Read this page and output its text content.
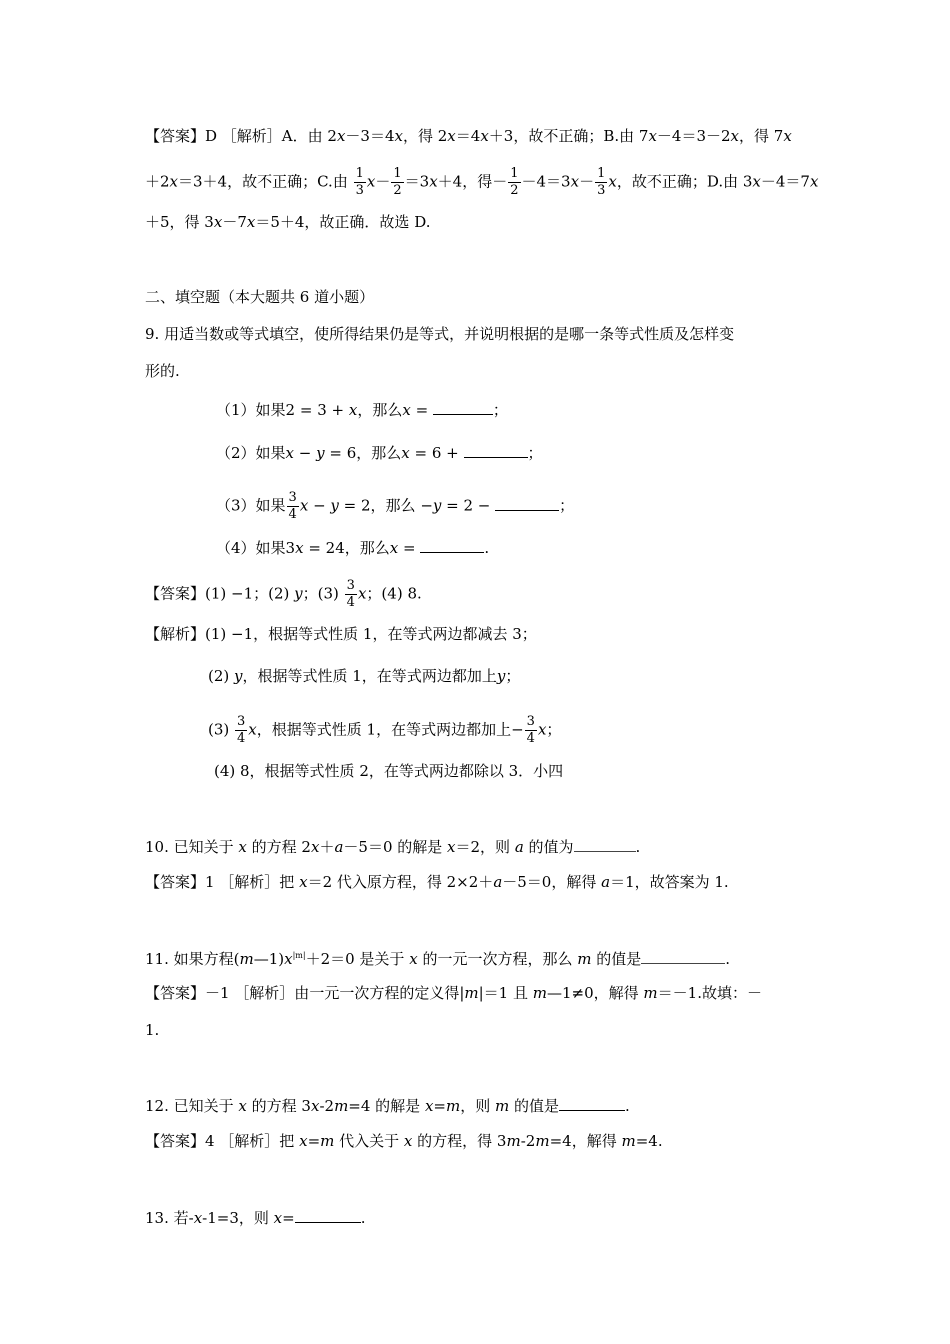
【答案】D ［解析］A．由 2x－3＝4x，得 2x＝4x＋3，故不正确；B.由 7x－4＝3－2x，得 7x
＋2x＝3＋4，故不正确；C.由 $\frac{1}{3} x- \frac{1}{2} =3x+4$，得－ $\frac{1}{2} -4=3x- \frac{1}{3}$ x，故不正确；D.由 3x－4＝7x
＋5，得 3x－7x＝5＋4，故正确．故选 D.
二、填空题（本大题共 6 道小题）
9. 用适当数或等式填空，使所得结果仍是等式，并说明根据的是哪一条等式性质及怎样变
形的.
（1）如果2 = 3 + x，那么x =	；
（2）如果x − y = 6，那么x = 6 +	；
（3）如果 $\frac{3}{4}$ x − y = 2，那么 −y = 2 −	；
（4）如果3x = 24，那么x =	.
【答案】(1) −1；(2) y；$(3) \frac{3}{4}$ x；(4) 8.
【解析】(1) −1，根据等式性质 1，在等式两边都减去 3；
(2) y，根据等式性质 1，在等式两边都加上y；
$(3) \frac{3}{4}$ x，根据等式性质 1，在等式两边都加上− $\frac{3}{4}$ x；
(4) 8，根据等式性质 2，在等式两边都除以 3．小四
10. 已知关于 x 的方程 2x＋a－5＝0 的解是 x＝2，则 a 的值为	.
【答案】1 ［解析］把 x＝2 代入原方程，得 2×2＋a－5＝0，解得 a＝1，故答案为 1.
11. 如果方程$(m—1)x^{|m|}+2=0$ 是关于 x 的一元一次方程，那么 m 的值是	.
【答案】－1 ［解析］由一元一次方程的定义得|m|＝1 且 m—1≠0，解得 m＝－1.故填：－
1.
12. 已知关于 x 的方程 3x-2m=4 的解是 x=m，则 m 的值是	.
【答案】4 ［解析］把 x=m 代入关于 x 的方程，得 3m-2m=4，解得 m=4.
13. 若-x-1=3，则 x=	.
